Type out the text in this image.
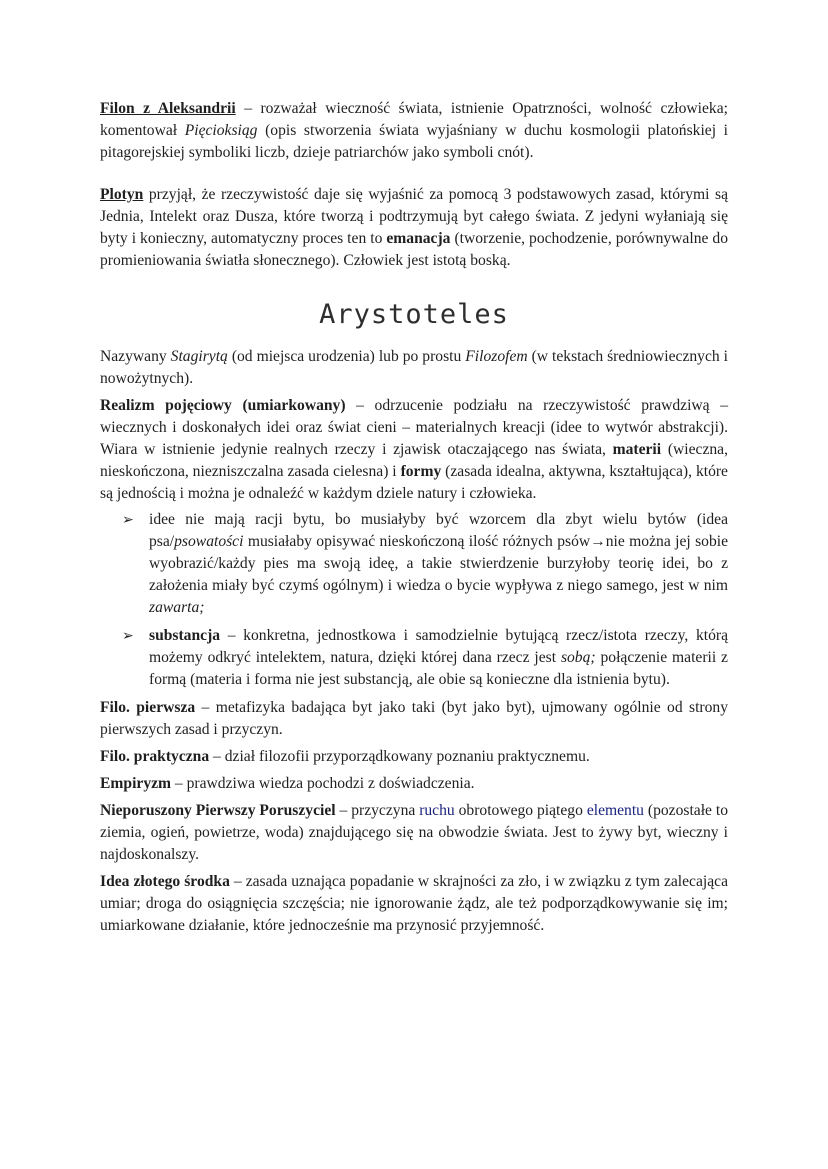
Filon z Aleksandrii – rozważał wieczność świata, istnienie Opatrzności, wolność człowieka; komentował Pięcioksiąg (opis stworzenia świata wyjaśniany w duchu kosmologii platońskiej i pitagorejskiej symboliki liczb, dzieje patriarchów jako symboli cnót).

Plotyn przyjął, że rzeczywistość daje się wyjaśnić za pomocą 3 podstawowych zasad, którymi są Jednia, Intelekt oraz Dusza, które tworzą i podtrzymują byt całego świata. Z jedyni wyłaniają się byty i konieczny, automatyczny proces ten to emanacja (tworzenie, pochodzenie, porównywalne do promieniowania światła słonecznego). Człowiek jest istotą boską.

Arystoteles

Nazywany Stagirytą (od miejsca urodzenia) lub po prostu Filozofem (w tekstach średniowiecznych i nowożytnych).

Realizm pojęciowy (umiarkowany) – odrzucenie podziału na rzeczywistość prawdziwą – wiecznych i doskonałych idei oraz świat cieni – materialnych kreacji (idee to wytwór abstrakcji). Wiara w istnienie jedynie realnych rzeczy i zjawisk otaczającego nas świata, materii (wieczna, nieskończona, niezniszczalna zasada cielesna) i formy (zasada idealna, aktywna, kształtująca), które są jednością i można je odnaleźć w każdym dziele natury i człowieka.

➢ idee nie mają racji bytu, bo musiałyby być wzorcem dla zbyt wielu bytów (idea psa/psowatości musiałaby opisywać nieskończoną ilość różnych psów→nie można jej sobie wyobrazić/każdy pies ma swoją ideę, a takie stwierdzenie burzyłoby teorię idei, bo z założenia miały być czymś ogólnym) i wiedza o bycie wypływa z niego samego, jest w nim zawarta;
➢ substancja – konkretna, jednostkowa i samodzielnie bytującą rzecz/istota rzeczy, którą możemy odkryć intelektem, natura, dzięki której dana rzecz jest sobą; połączenie materii z formą (materia i forma nie jest substancją, ale obie są konieczne dla istnienia bytu).

Filo. pierwsza – metafizyka badająca byt jako taki (byt jako byt), ujmowany ogólnie od strony pierwszych zasad i przyczyn.

Filo. praktyczna – dział filozofii przyporządkowany poznaniu praktycznemu.

Empiryzm – prawdziwa wiedza pochodzi z doświadczenia.

Nieporuszony Pierwszy Poruszyciel – przyczyna ruchu obrotowego piątego elementu (pozostałe to ziemia, ogień, powietrze, woda) znajdującego się na obwodzie świata. Jest to żywy byt, wieczny i najdoskonalszy.

Idea złotego środka – zasada uznająca popadanie w skrajności za zło, i w związku z tym zalecająca umiar; droga do osiągnięcia szczęścia; nie ignorowanie żądz, ale też podporządkowywanie się im; umiarkowane działanie, które jednocześnie ma przynosić przyjemność.
